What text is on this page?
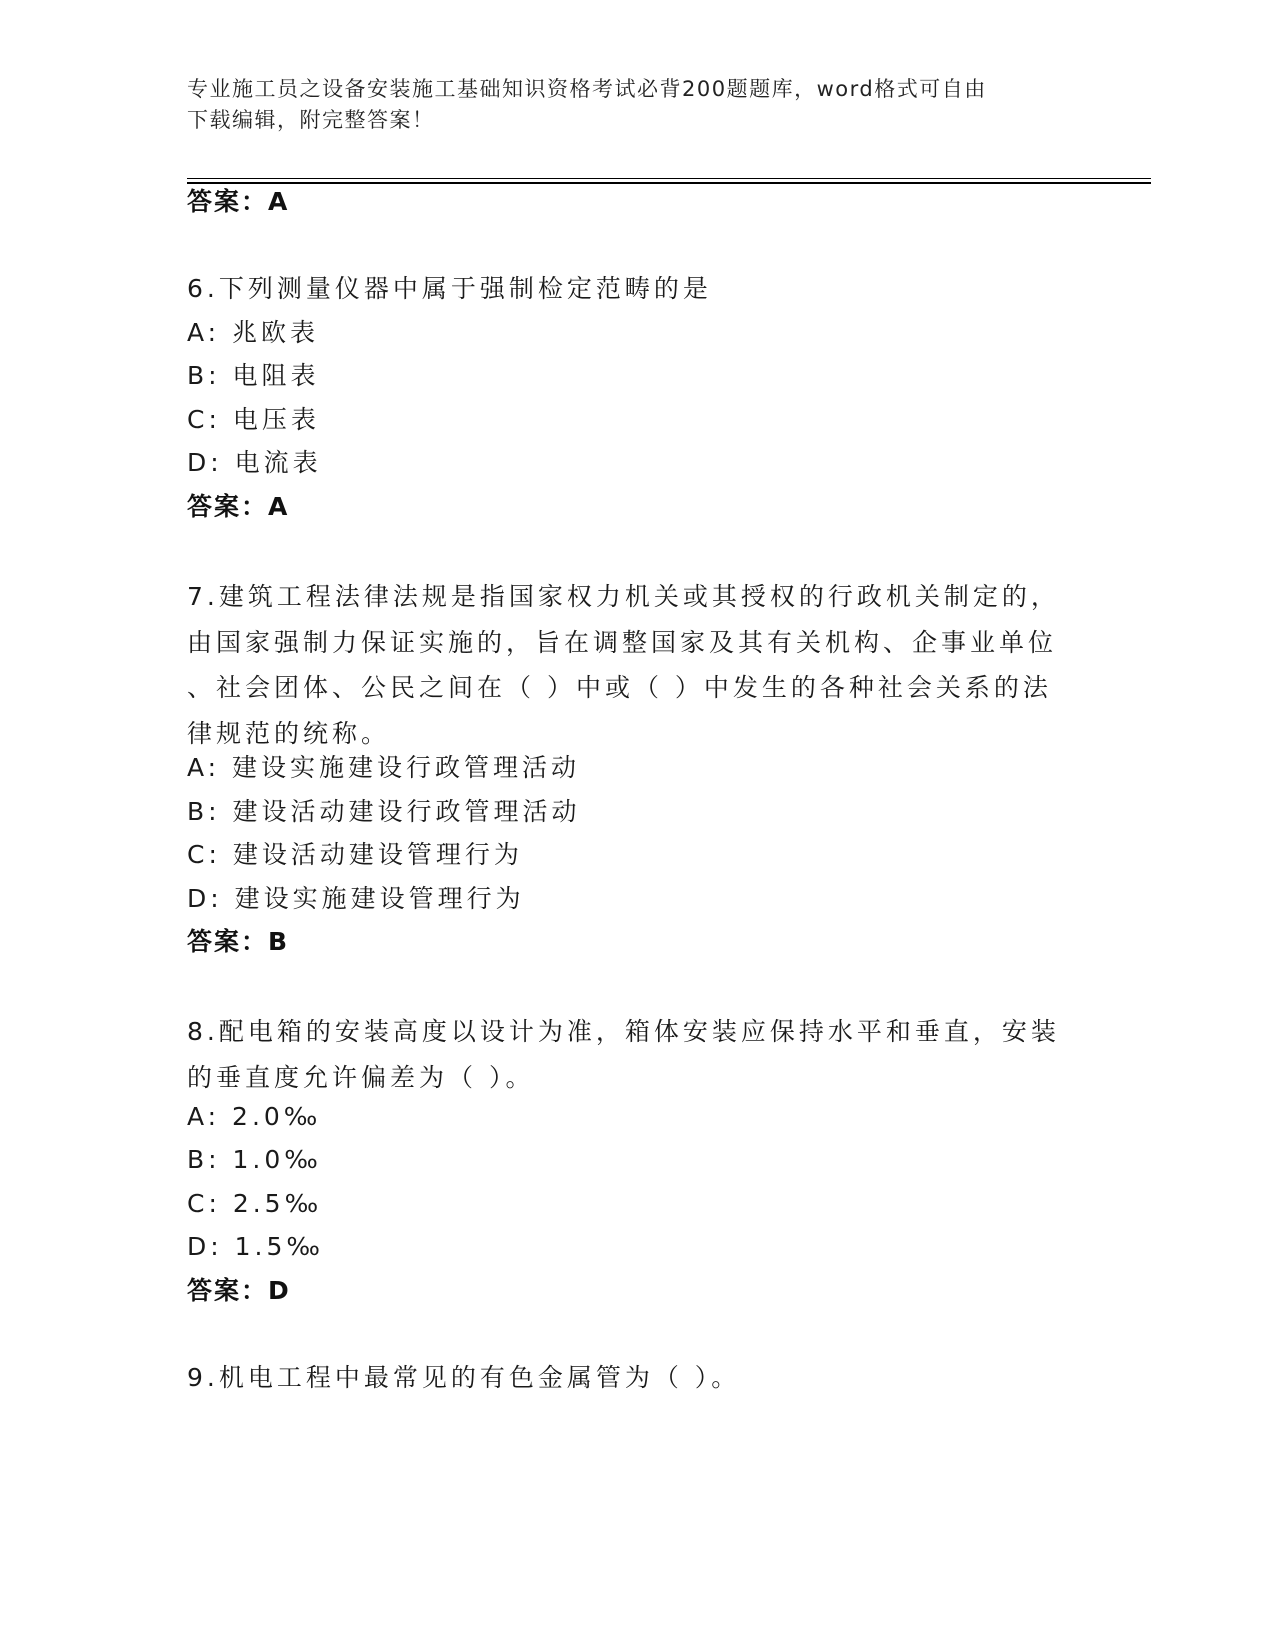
专业施工员之设备安装施工基础知识资格考试必背200题题库，word格式可自由
下载编辑，附完整答案！
答案：A
6.下列测量仪器中属于强制检定范畴的是
A: 兆欧表
B: 电阻表
C: 电压表
D: 电流表
答案：A
7.建筑工程法律法规是指国家权力机关或其授权的行政机关制定的，
由国家强制力保证实施的，旨在调整国家及其有关机构、企事业单位
、社会团体、公民之间在（ ）中或（ ）中发生的各种社会关系的法
律规范的统称。
A: 建设实施建设行政管理活动
B: 建设活动建设行政管理活动
C: 建设活动建设管理行为
D: 建设实施建设管理行为
答案：B
8.配电箱的安装高度以设计为准，箱体安装应保持水平和垂直，安装
的垂直度允许偏差为（ ）。
A: 2.0‰
B: 1.0‰
C: 2.5‰
D: 1.5‰
答案：D
9.机电工程中最常见的有色金属管为（ ）。
